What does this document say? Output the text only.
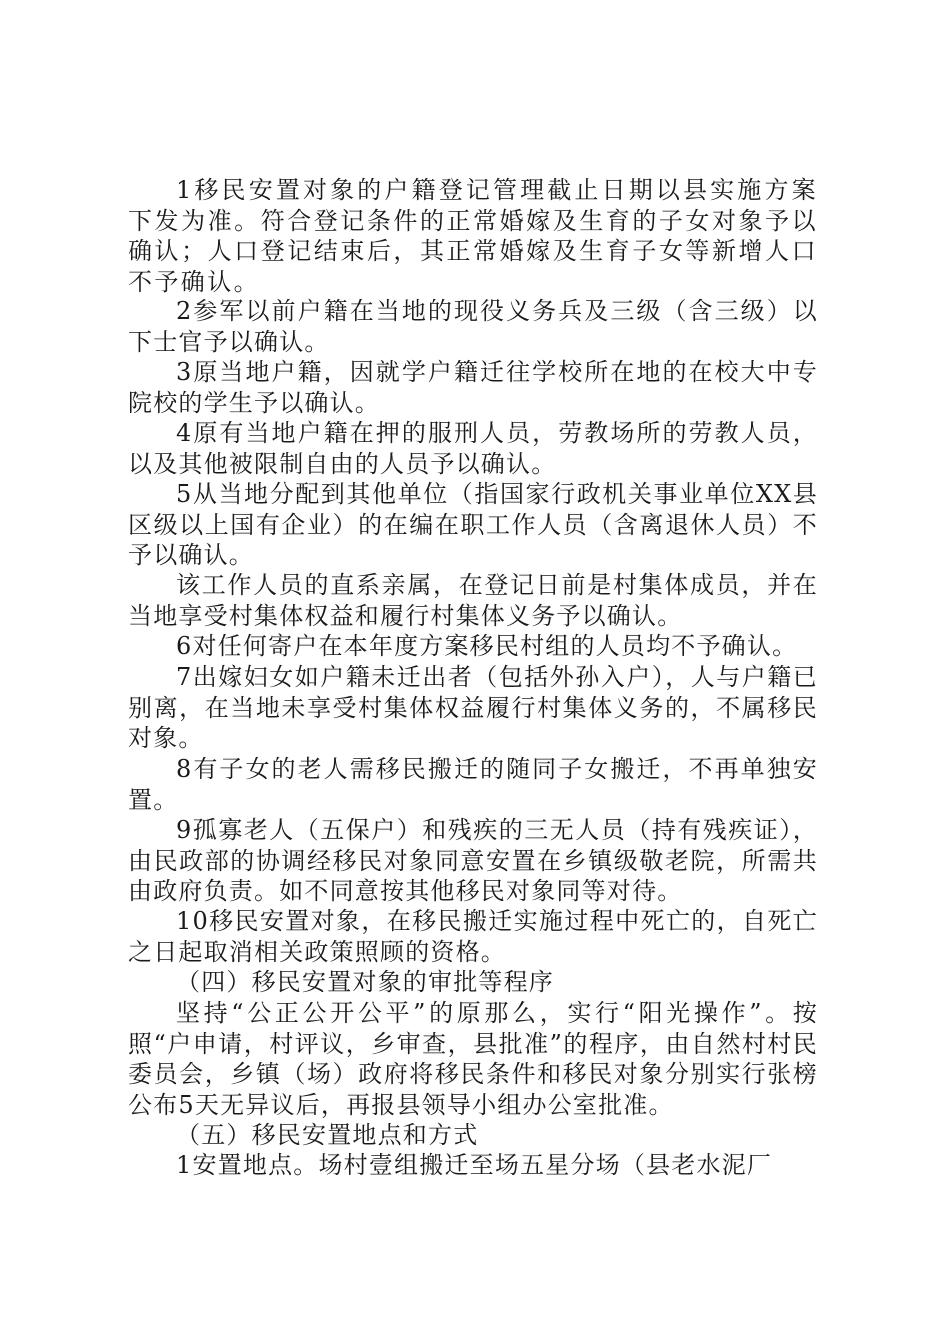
1移民安置对象的户籍登记管理截止日期以县实施方案下发为准。符合登记条件的正常婚嫁及生育的子女对象予以确认；人口登记结束后，其正常婚嫁及生育子女等新增人口不予确认。

2参军以前户籍在当地的现役义务兵及三级（含三级）以下士官予以确认。

3原当地户籍，因就学户籍迁往学校所在地的在校大中专院校的学生予以确认。

4原有当地户籍在押的服刑人员，劳教场所的劳教人员，以及其他被限制自由的人员予以确认。

5从当地分配到其他单位（指国家行政机关事业单位XX县区级以上国有企业）的在编在职工作人员（含离退休人员）不予以确认。

该工作人员的直系亲属，在登记日前是村集体成员，并在当地享受村集体权益和履行村集体义务予以确认。

6对任何寄户在本年度方案移民村组的人员均不予确认。

7出嫁妇女如户籍未迁出者（包括外孙入户），人与户籍已别离，在当地未享受村集体权益履行村集体义务的，不属移民对象。

8有子女的老人需移民搬迁的随同子女搬迁，不再单独安置。

9孤寡老人（五保户）和残疾的三无人员（持有残疾证），由民政部的协调经移民对象同意安置在乡镇级敬老院，所需共由政府负责。如不同意按其他移民对象同等对待。

10移民安置对象，在移民搬迁实施过程中死亡的，自死亡之日起取消相关政策照顾的资格。

（四）移民安置对象的审批等程序

坚持“公正公开公平”的原那么，实行“阳光操作”。按照“户申请，村评议，乡审查，县批准”的程序，由自然村村民委员会，乡镇（场）政府将移民条件和移民对象分别实行张榜公布5天无异议后，再报县领导小组办公室批准。

（五）移民安置地点和方式

1安置地点。场村壹组搬迁至场五星分场（县老水泥厂
